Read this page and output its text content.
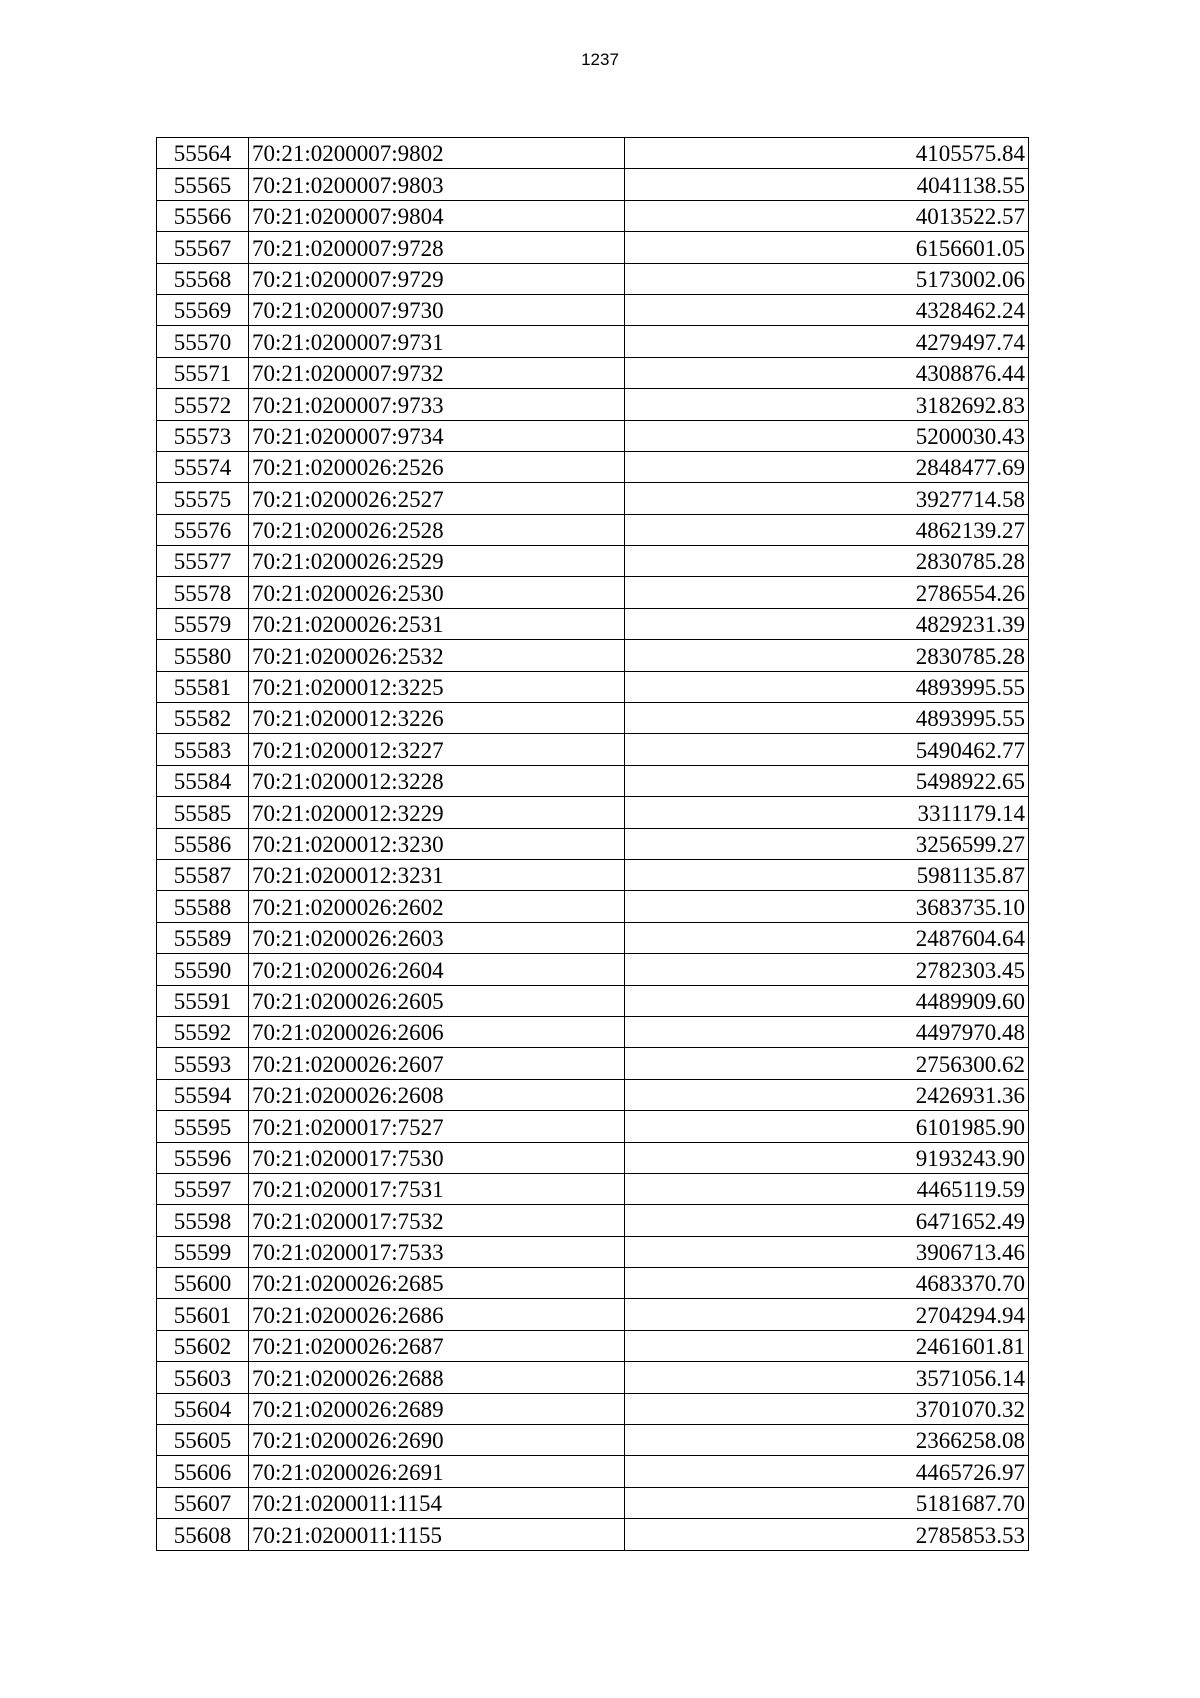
1237
55564	70:21:0200007:9802	4105575.84
55565	70:21:0200007:9803	4041138.55
55566	70:21:0200007:9804	4013522.57
55567	70:21:0200007:9728	6156601.05
55568	70:21:0200007:9729	5173002.06
55569	70:21:0200007:9730	4328462.24
55570	70:21:0200007:9731	4279497.74
55571	70:21:0200007:9732	4308876.44
55572	70:21:0200007:9733	3182692.83
55573	70:21:0200007:9734	5200030.43
55574	70:21:0200026:2526	2848477.69
55575	70:21:0200026:2527	3927714.58
55576	70:21:0200026:2528	4862139.27
55577	70:21:0200026:2529	2830785.28
55578	70:21:0200026:2530	2786554.26
55579	70:21:0200026:2531	4829231.39
55580	70:21:0200026:2532	2830785.28
55581	70:21:0200012:3225	4893995.55
55582	70:21:0200012:3226	4893995.55
55583	70:21:0200012:3227	5490462.77
55584	70:21:0200012:3228	5498922.65
55585	70:21:0200012:3229	3311179.14
55586	70:21:0200012:3230	3256599.27
55587	70:21:0200012:3231	5981135.87
55588	70:21:0200026:2602	3683735.10
55589	70:21:0200026:2603	2487604.64
55590	70:21:0200026:2604	2782303.45
55591	70:21:0200026:2605	4489909.60
55592	70:21:0200026:2606	4497970.48
55593	70:21:0200026:2607	2756300.62
55594	70:21:0200026:2608	2426931.36
55595	70:21:0200017:7527	6101985.90
55596	70:21:0200017:7530	9193243.90
55597	70:21:0200017:7531	4465119.59
55598	70:21:0200017:7532	6471652.49
55599	70:21:0200017:7533	3906713.46
55600	70:21:0200026:2685	4683370.70
55601	70:21:0200026:2686	2704294.94
55602	70:21:0200026:2687	2461601.81
55603	70:21:0200026:2688	3571056.14
55604	70:21:0200026:2689	3701070.32
55605	70:21:0200026:2690	2366258.08
55606	70:21:0200026:2691	4465726.97
55607	70:21:0200011:1154	5181687.70
55608	70:21:0200011:1155	2785853.53
